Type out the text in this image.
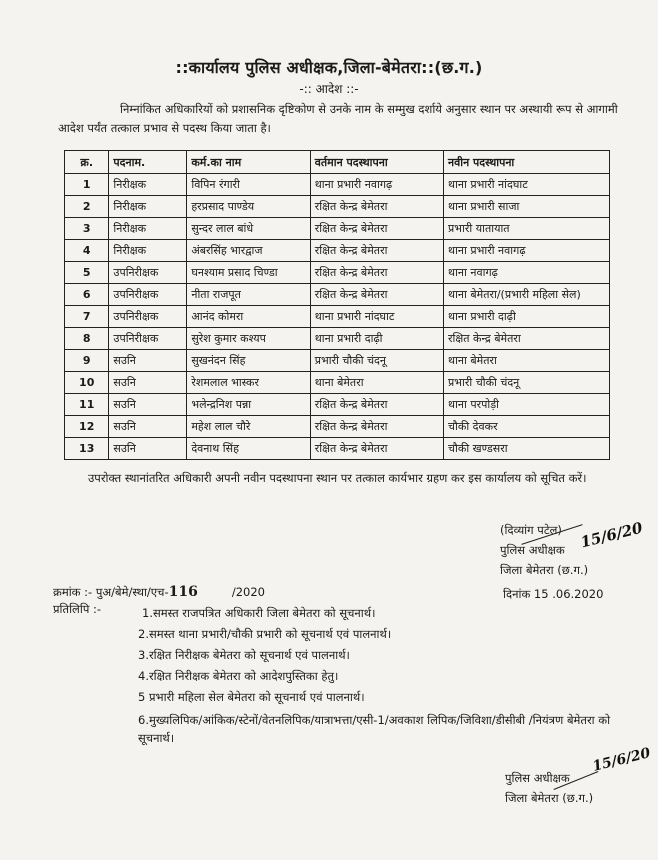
::कार्यालय पुलिस अधीक्षक,जिला-बेमेतरा::(छ.ग.)
-:: आदेश ::-
निम्नांकित अधिकारियों को प्रशासनिक दृष्टिकोण से उनके नाम के सम्मुख दर्शाये अनुसार स्थान पर अस्थायी रूप से आगामी आदेश पर्यंत तत्काल प्रभाव से पदस्थ किया जाता है।
क्र.	पदनाम.	कर्म.का नाम	वर्तमान पदस्थापना	नवीन पदस्थापना
1	निरीक्षक	विपिन रंगारी	थाना प्रभारी नवागढ़	थाना प्रभारी नांदघाट
2	निरीक्षक	हरप्रसाद पाण्डेय	रक्षित केन्द्र बेमेतरा	थाना प्रभारी साजा
3	निरीक्षक	सुन्दर लाल बांधे	रक्षित केन्द्र बेमेतरा	प्रभारी यातायात
4	निरीक्षक	अंबरसिंह भारद्वाज	रक्षित केन्द्र बेमेतरा	थाना प्रभारी नवागढ़
5	उपनिरीक्षक	घनश्याम प्रसाद चिण्डा	रक्षित केन्द्र बेमेतरा	थाना नवागढ़
6	उपनिरीक्षक	नीता राजपूत	रक्षित केन्द्र बेमेतरा	थाना बेमेतरा/(प्रभारी महिला सेल)
7	उपनिरीक्षक	आनंद कोमरा	थाना प्रभारी नांदघाट	थाना प्रभारी दाढ़ी
8	उपनिरीक्षक	सुरेश कुमार कश्यप	थाना प्रभारी दाढ़ी	रक्षित केन्द्र बेमेतरा
9	सउनि	सुखनंदन सिंह	प्रभारी चौकी चंदनू	थाना बेमेतरा
10	सउनि	रेशमलाल भास्कर	थाना बेमेतरा	प्रभारी चौकी चंदनू
11	सउनि	भलेन्द्रनिश पन्ना	रक्षित केन्द्र बेमेतरा	थाना परपोड़ी
12	सउनि	महेश लाल चौरे	रक्षित केन्द्र बेमेतरा	चौकी देवकर
13	सउनि	देवनाथ सिंह	रक्षित केन्द्र बेमेतरा	चौकी खण्डसरा
उपरोक्त स्थानांतरित अधिकारी अपनी नवीन पदस्थापना स्थान पर तत्काल कार्यभार ग्रहण कर इस कार्यालय को सूचित करें।
(दिव्यांग पटेल)
पुलिस अधीक्षक
जिला बेमेतरा (छ.ग.)
15/6/20
क्रमांक :- पुअ/बेमे/स्था/एच-116	/2020	दिनांक 15 .06.2020
प्रतिलिपि :-	1.समस्त राजपत्रित अधिकारी जिला बेमेतरा को सूचनार्थ।
2.समस्त थाना प्रभारी/चौकी प्रभारी को सूचनार्थ एवं पालनार्थ।
3.रक्षित निरीक्षक बेमेतरा को सूचनार्थ एवं पालनार्थ।
4.रक्षित निरीक्षक बेमेतरा को आदेशपुस्तिका हेतु।
5 प्रभारी महिला सेल बेमेतरा को सूचनार्थ एवं पालनार्थ।
6.मुख्यलिपिक/आंकिक/स्टेनों/वेतनलिपिक/यात्राभत्ता/एसी-1/अवकाश लिपिक/जिविशा/डीसीबी /नियंत्रण बेमेतरा को सूचनार्थ।
पुलिस अधीक्षक
जिला बेमेतरा (छ.ग.)
15/6/20
